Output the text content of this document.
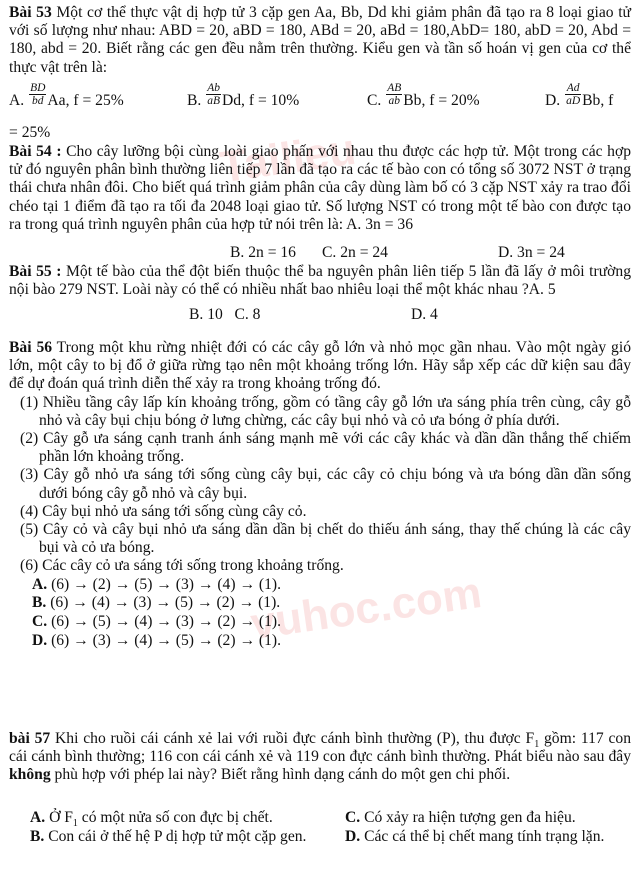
Tailieu
vuhoc.com

Bài 53 Một cơ thể thực vật dị hợp tử 3 cặp gen Aa, Bb, Dd khi giảm phân đã tạo ra 8 loại giao tử với số lượng như nhau: ABD = 20, aBD = 180, ABd = 20, aBd = 180,AbD= 180, abD = 20, Abd = 180, abd = 20. Biết rằng các gen đều nằm trên thường. Kiểu gen và tần số hoán vị gen của cơ thể thực vật trên là:

A. $\frac{BD}{bd} Aa$, f = 25%	B. $\frac{Ab}{aB} Dd$, f = 10%	C. $\frac{AB}{ab} Bb$, f = 20%	D. $\frac{Ad}{aD} Bb$, f

= 25%

Bài 54 : Cho cây lưỡng bội cùng loài giao phấn với nhau thu được các hợp tử. Một trong các hợp tử đó nguyên phân bình thường liên tiếp 7 lần đã tạo ra các tế bào con có tổng số 3072 NST ở trạng thái chưa nhân đôi. Cho biết quá trình giảm phân của cây dùng làm bố có 3 cặp NST xảy ra trao đổi chéo tại 1 điểm đã tạo ra tối đa 2048 loại giao tử. Số lượng NST có trong một tế bào con được tạo ra trong quá trình nguyên phân của hợp tử nói trên là: A. 3n = 36

B. 2n = 16 C. 2n = 24	D. 3n = 24

Bài 55 : Một tế bào của thể đột biến thuộc thể ba nguyên phân liên tiếp 5 lần đã lấy ở môi trường nội bào 279 NST. Loài này có thể có nhiều nhất bao nhiêu loại thể một khác nhau ?A. 5

B. 10   C. 8	D. 4

Bài 56 Trong một khu rừng nhiệt đới có các cây gỗ lớn và nhỏ mọc gần nhau. Vào một ngày gió lớn, một cây to bị đổ ở giữa rừng tạo nên một khoảng trống lớn. Hãy sắp xếp các dữ kiện sau đây để dự đoán quá trình diễn thế xảy ra trong khoảng trống đó.

(1) Nhiều tầng cây lấp kín khoảng trống, gồm có tầng cây gỗ lớn ưa sáng phía trên cùng, cây gỗ nhỏ và cây bụi chịu bóng ở lưng chừng, các cây bụi nhỏ và cỏ ưa bóng ở phía dưới.

(2) Cây gỗ ưa sáng cạnh tranh ánh sáng mạnh mẽ với các cây khác và dần dần thắng thế chiếm phần lớn khoảng trống.

(3) Cây gỗ nhỏ ưa sáng tới sống cùng cây bụi, các cây cỏ chịu bóng và ưa bóng dần dần sống dưới bóng cây gỗ nhỏ và cây bụi.

(4) Cây bụi nhỏ ưa sáng tới sống cùng cây cỏ.

(5) Cây cỏ và cây bụi nhỏ ưa sáng dần dần bị chết do thiếu ánh sáng, thay thế chúng là các cây bụi và cỏ ưa bóng.

(6) Các cây cỏ ưa sáng tới sống trong khoảng trống.

A. (6) → (2) → (5) → (3) → (4) → (1).

B. (6) → (4) → (3) → (5) → (2) → (1).

C. (6) → (5) → (4) → (3) → (2) → (1).

D. (6) → (3) → (4) → (5) → (2) → (1).

bài 57 Khi cho ruồi cái cánh xẻ lai với ruồi đực cánh bình thường (P), thu được $F_1$ gồm: 117 con cái cánh bình thường; 116 con cái cánh xẻ và 119 con đực cánh bình thường. Phát biểu nào sau đây không phù hợp với phép lai này? Biết rằng hình dạng cánh do một gen chi phối.

A. Ở $F_1$ có một nửa số con đực bị chết.	C. Có xảy ra hiện tượng gen đa hiệu.
B. Con cái ở thế hệ P dị hợp tử một cặp gen.	D. Các cá thể bị chết mang tính trạng lặn.
